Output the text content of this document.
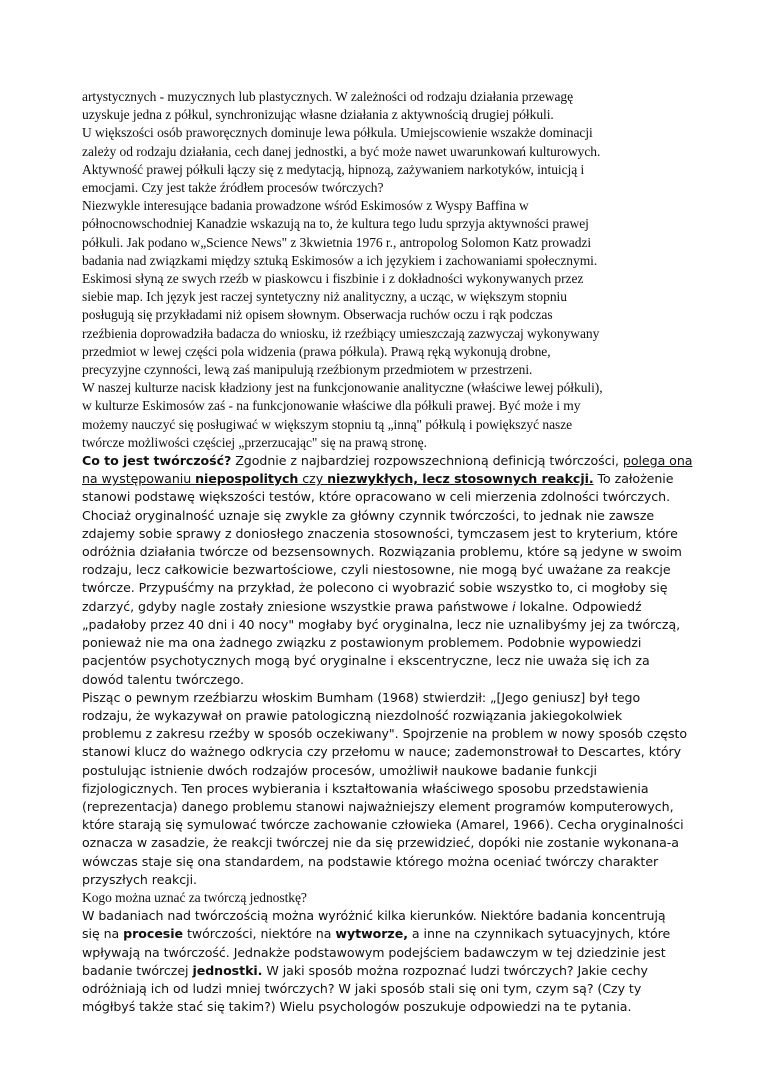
artystycznych - muzycznych lub plastycznych. W zależności od rodzaju działania przewagę
uzyskuje jedna z półkul, synchronizując własne działania z aktywnością drugiej półkuli.
U większości osób praworęcznych dominuje lewa półkula. Umiejscowienie wszakże dominacji
zależy od rodzaju działania, cech danej jednostki, a być może nawet uwarunkowań kulturowych.
Aktywność prawej półkuli łączy się z medytacją, hipnozą, zażywaniem narkotyków, intuicją i
emocjami. Czy jest także źródłem procesów twórczych?
Niezwykle interesujące badania prowadzone wśród Eskimosów z Wyspy Baffina w
północnowschodniej Kanadzie wskazują na to, że kultura tego ludu sprzyja aktywności prawej
półkuli. Jak podano w„Science News" z 3kwietnia 1976 r., antropolog Solomon Katz prowadzi
badania nad związkami między sztuką Eskimosów a ich językiem i zachowaniami społecznymi.
Eskimosi słyną ze swych rzeźb w piaskowcu i fiszbinie i z dokładności wykonywanych przez
siebie map. Ich język jest raczej syntetyczny niż analityczny, a ucząc, w większym stopniu
posługują się przykładami niż opisem słownym. Obserwacja ruchów oczu i rąk podczas
rzeźbienia doprowadziła badacza do wniosku, iż rzeźbiący umieszczają zazwyczaj wykonywany
przedmiot w lewej części pola widzenia (prawa półkula). Prawą ręką wykonują drobne,
precyzyjne czynności, lewą zaś manipulują rzeźbionym przedmiotem w przestrzeni.
W naszej kulturze nacisk kładziony jest na funkcjonowanie analityczne (właściwe lewej półkuli),
w kulturze Eskimosów zaś - na funkcjonowanie właściwe dla półkuli prawej. Być może i my
możemy nauczyć się posługiwać w większym stopniu tą „inną" półkulą i powiększyć nasze
twórcze możliwości częściej „przerzucając" się na prawą stronę.
Co to jest twórczość? Zgodnie z najbardziej rozpowszechnioną definicją twórczości, polega ona
na występowaniu niepospolitych czy niezwykłych, lecz stosownych reakcji. To założenie
stanowi podstawę większości testów, które opracowano w celi mierzenia zdolności twórczych.
Chociaż oryginalność uznaje się zwykle za główny czynnik twórczości, to jednak nie zawsze
zdajemy sobie sprawy z doniosłego znaczenia stosowności, tymczasem jest to kryterium, które
odróżnia działania twórcze od bezsensownych. Rozwiązania problemu, które są jedyne w swoim
rodzaju, lecz całkowicie bezwartościowe, czyli niestosowne, nie mogą być uważane za reakcje
twórcze. Przypuśćmy na przykład, że polecono ci wyobrazić sobie wszystko to, ci mogłoby się
zdarzyć, gdyby nagle zostały zniesione wszystkie prawa państwowe i lokalne. Odpowiedź
„padałoby przez 40 dni i 40 nocy" mogłaby być oryginalna, lecz nie uznalibyśmy jej za twórczą,
ponieważ nie ma ona żadnego związku z postawionym problemem. Podobnie wypowiedzi
pacjentów psychotycznych mogą być oryginalne i ekscentryczne, lecz nie uważa się ich za
dowód talentu twórczego.
Pisząc o pewnym rzeźbiarzu włoskim Bumham (1968) stwierdził: „[Jego geniusz] był tego
rodzaju, że wykazywał on prawie patologiczną niezdolność rozwiązania jakiegokolwiek
problemu z zakresu rzeźby w sposób oczekiwany". Spojrzenie na problem w nowy sposób często
stanowi klucz do ważnego odkrycia czy przełomu w nauce; zademonstrował to Descartes, który
postulując istnienie dwóch rodzajów procesów, umożliwił naukowe badanie funkcji
fizjologicznych. Ten proces wybierania i kształtowania właściwego sposobu przedstawienia
(reprezentacja) danego problemu stanowi najważniejszy element programów komputerowych,
które starają się symulować twórcze zachowanie człowieka (Amarel, 1966). Cecha oryginalności
oznacza w zasadzie, że reakcji twórczej nie da się przewidzieć, dopóki nie zostanie wykonana-a
wówczas staje się ona standardem, na podstawie którego można oceniać twórczy charakter
przyszłych reakcji.
Kogo można uznać za twórczą jednostkę?
W badaniach nad twórczością można wyróżnić kilka kierunków. Niektóre badania koncentrują
się na procesie twórczości, niektóre na wytworze, a inne na czynnikach sytuacyjnych, które
wpływają na twórczość. Jednakże podstawowym podejściem badawczym w tej dziedzinie jest
badanie twórczej jednostki. W jaki sposób można rozpoznać ludzi twórczych? Jakie cechy
odróżniają ich od ludzi mniej twórczych? W jaki sposób stali się oni tym, czym są? (Czy ty
mógłbyś także stać się takim?) Wielu psychologów poszukuje odpowiedzi na te pytania.
